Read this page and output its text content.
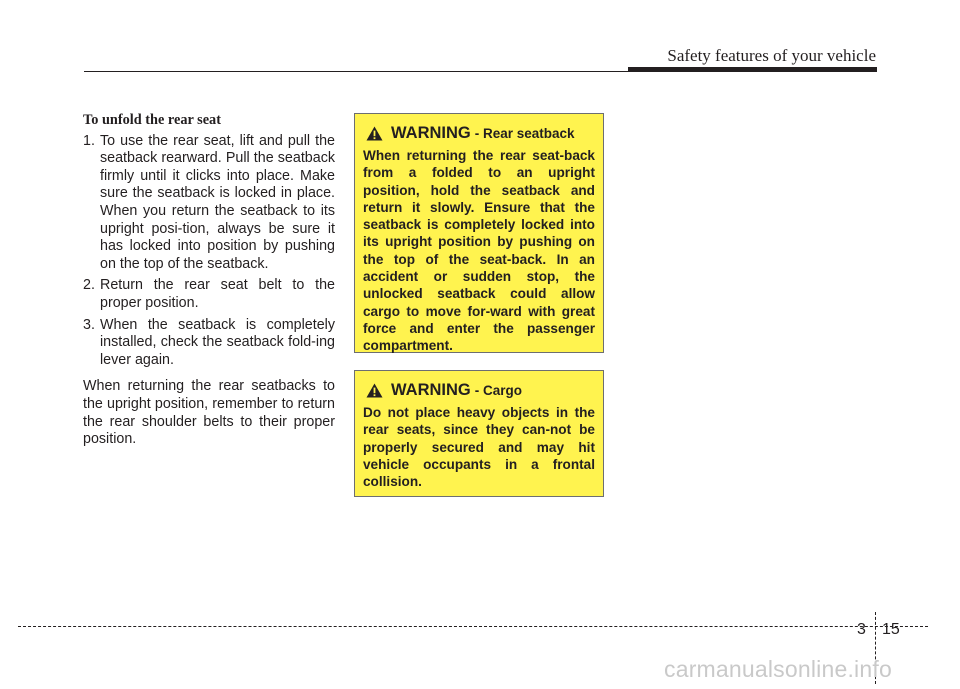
Safety features of your vehicle
To unfold the rear seat
1. To use the rear seat, lift and pull the seatback rearward. Pull the seatback firmly until it clicks into place. Make sure the seatback is locked in place. When you return the seatback to its upright posi-tion, always be sure it has locked into position by pushing on the top of the seatback.
2. Return the rear seat belt to the proper position.
3. When the seatback is completely installed, check the seatback fold-ing lever again.

When returning the rear seatbacks to the upright position, remember to return the rear shoulder belts to their proper position.

WARNING - Rear seatback
When returning the rear seat-back from a folded to an upright position, hold the seatback and return it slowly. Ensure that the seatback is completely locked into its upright position by pushing on the top of the seat-back. In an accident or sudden stop, the unlocked seatback could allow cargo to move for-ward with great force and enter the passenger compartment.
WARNING - Cargo
Do not place heavy objects in the rear seats, since they can-not be properly secured and may hit vehicle occupants in a frontal collision.
3 15
carmanualsonline.info
